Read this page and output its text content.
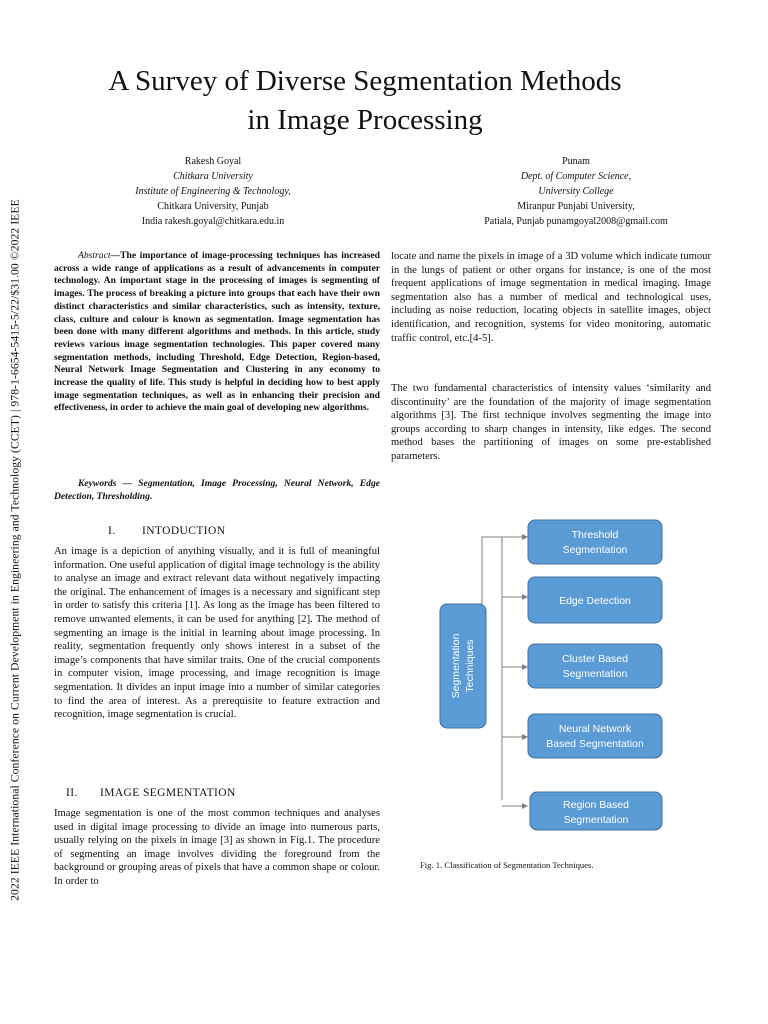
2022 IEEE International Conference on Current Development in Engineering and Technology (CCET) | 978-1-6654-5415-5/22/$31.00 ©2022 IEEE
A Survey of Diverse Segmentation Methods
in Image Processing
Rakesh Goyal
Chitkara University
Institute of Engineering & Technology,
Chitkara University, Punjab
India rakesh.goyal@chitkara.edu.in
Punam
Dept. of Computer Science,
University College
Miranpur Punjabi University,
Patiala, Punjab punamgoyal2008@gmail.com
Abstract—The importance of image-processing techniques has increased across a wide range of applications as a result of advancements in computer technology. An important stage in the processing of images is segmenting of images. The process of breaking a picture into groups that each have their own distinct characteristics and similar characteristics, such as intensity, texture, class, culture and colour is known as segmentation. Image segmentation has been done with many different algorithms and methods. In this article, study reviews various image segmentation technologies. This paper covered many segmentation methods, including Threshold, Edge Detection, Region-based, Neural Network Image Segmentation and Clustering in any economy to increase the quality of life. This study is helpful in deciding how to best apply image segmentation techniques, as well as in enhancing their precision and effectiveness, in order to achieve the main goal of developing new algorithms.
Keywords — Segmentation, Image Processing, Neural Network, Edge Detection, Thresholding.
I. INTODUCTION
An image is a depiction of anything visually, and it is full of meaningful information. One useful application of digital image technology is the ability to analyse an image and extract relevant data without negatively impacting the original. The enhancement of images is a necessary and significant step in order to satisfy this criteria [1]. As long as the image has been filtered to remove unwanted elements, it can be used for anything [2]. The method of segmenting an image is the initial in learning about image processing. In reality, segmentation frequently only shows interest in a subset of the image’s components that have similar traits. One of the crucial components in computer vision, image processing, and image recognition is image segmentation. It divides an input image into a number of similar categories to find the area of interest. As a prerequisite to feature extraction and recognition, image segmentation is crucial.
II. IMAGE SEGMENTATION
Image segmentation is one of the most common techniques and analyses used in digital image processing to divide an image into numerous parts, usually relying on the pixels in image [3] as shown in Fig.1. The procedure of segmenting an image involves dividing the foreground from the background or grouping areas of pixels that have a common shape or colour. In order to
locate and name the pixels in image of a 3D volume which indicate tumour in the lungs of patient or other organs for instance, is one of the most frequent applications of image segmentation in medical imaging. Image segmentation also has a number of medical and technological uses, including as noise reduction, locating objects in satellite images, object identification, and recognition, systems for video monitoring, automatic traffic control, etc.[4-5].
The two fundamental characteristics of intensity values ‘similarity and discontinuity’ are the foundation of the majority of image segmentation algorithms [3]. The first technique involves segmenting the image into groups according to sharp changes in intensity, like edges. The second method bases the partitioning of images on some pre-established parameters.
Segmentation Techniques
Threshold
Segmentation
Edge Detection
Cluster Based
Segmentation
Neural Network
Based Segmentation
Region Based
Segmentation
Fig. 1. Classification of Segmentation Techniques.
